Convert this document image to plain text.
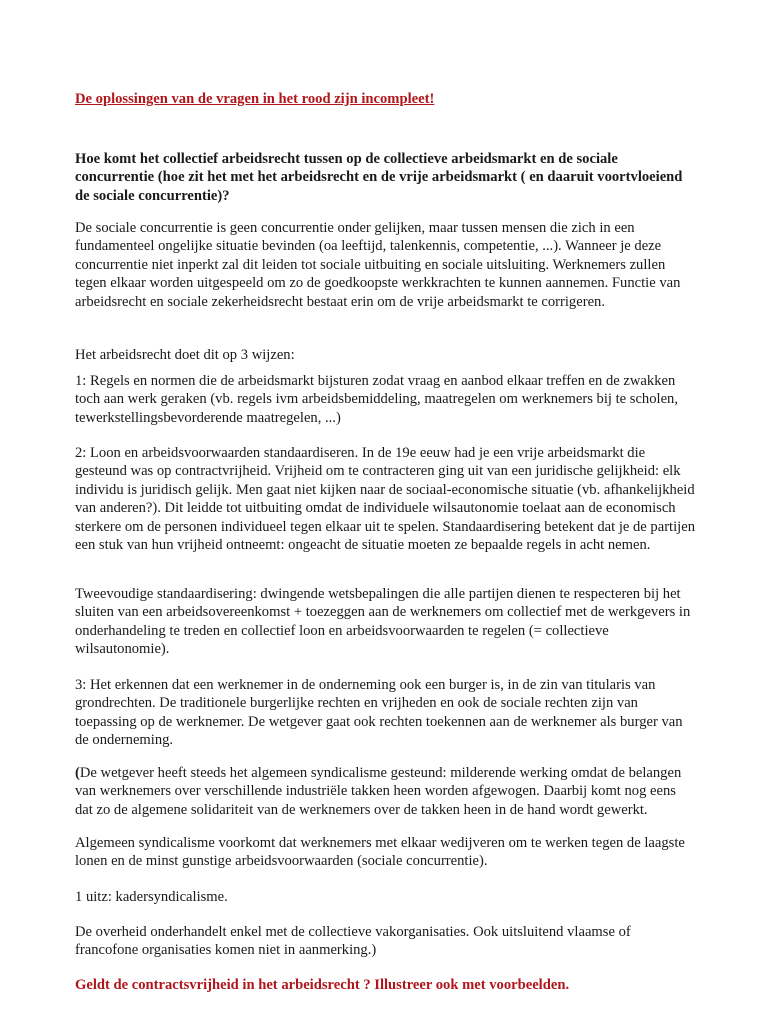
De oplossingen van de vragen in het rood zijn incompleet!

Hoe komt het collectief arbeidsrecht tussen op de collectieve arbeidsmarkt en de sociale concurrentie (hoe zit het met het arbeidsrecht en de vrije arbeidsmarkt ( en daaruit voortvloeiend de sociale concurrentie)?

De sociale concurrentie is geen concurrentie onder gelijken, maar tussen mensen die zich in een fundamenteel ongelijke situatie bevinden (oa leeftijd, talenkennis, competentie, ...). Wanneer je deze concurrentie niet inperkt zal dit leiden tot sociale uitbuiting en sociale uitsluiting. Werknemers zullen tegen elkaar worden uitgespeeld om zo de goedkoopste werkkrachten te kunnen aannemen. Functie van arbeidsrecht en sociale zekerheidsrecht bestaat erin om de vrije arbeidsmarkt te corrigeren.

Het arbeidsrecht doet dit op 3 wijzen:

1: Regels en normen die de arbeidsmarkt bijsturen zodat vraag en aanbod elkaar treffen en de zwakken toch aan werk geraken (vb. regels ivm arbeidsbemiddeling, maatregelen om werknemers bij te scholen, tewerkstellingsbevorderende maatregelen, ...)

2: Loon en arbeidsvoorwaarden standaardiseren. In de 19e eeuw had je een vrije arbeidsmarkt die gesteund was op contractvrijheid. Vrijheid om te contracteren ging uit van een juridische gelijkheid: elk individu is juridisch gelijk. Men gaat niet kijken naar de sociaal-economische situatie (vb. afhankelijkheid van anderen?). Dit leidde tot uitbuiting omdat de individuele wilsautonomie toelaat aan de economisch sterkere om de personen individueel tegen elkaar uit te spelen. Standaardisering betekent dat je de partijen een stuk van hun vrijheid ontneemt: ongeacht de situatie moeten ze bepaalde regels in acht nemen.

Tweevoudige standaardisering: dwingende wetsbepalingen die alle partijen dienen te respecteren bij het sluiten van een arbeidsovereenkomst + toezeggen aan de werknemers om collectief met de werkgevers in onderhandeling te treden en collectief loon en arbeidsvoorwaarden te regelen (= collectieve wilsautonomie).

3: Het erkennen dat een werknemer in de onderneming ook een burger is, in de zin van titularis van grondrechten. De traditionele burgerlijke rechten en vrijheden en ook de sociale rechten zijn van toepassing op de werknemer. De wetgever gaat ook rechten toekennen aan de werknemer als burger van de onderneming.

(De wetgever heeft steeds het algemeen syndicalisme gesteund: milderende werking omdat de belangen van werknemers over verschillende industriële takken heen worden afgewogen. Daarbij komt nog eens dat zo de algemene solidariteit van de werknemers over de takken heen in de hand wordt gewerkt.

Algemeen syndicalisme voorkomt dat werknemers met elkaar wedijveren om te werken tegen de laagste lonen en de minst gunstige arbeidsvoorwaarden (sociale concurrentie).

1 uitz: kadersyndicalisme.

De overheid onderhandelt enkel met de collectieve vakorganisaties. Ook uitsluitend vlaamse of francofone organisaties komen niet in aanmerking.)

Geldt de contractsvrijheid in het arbeidsrecht ? Illustreer ook met voorbeelden.
